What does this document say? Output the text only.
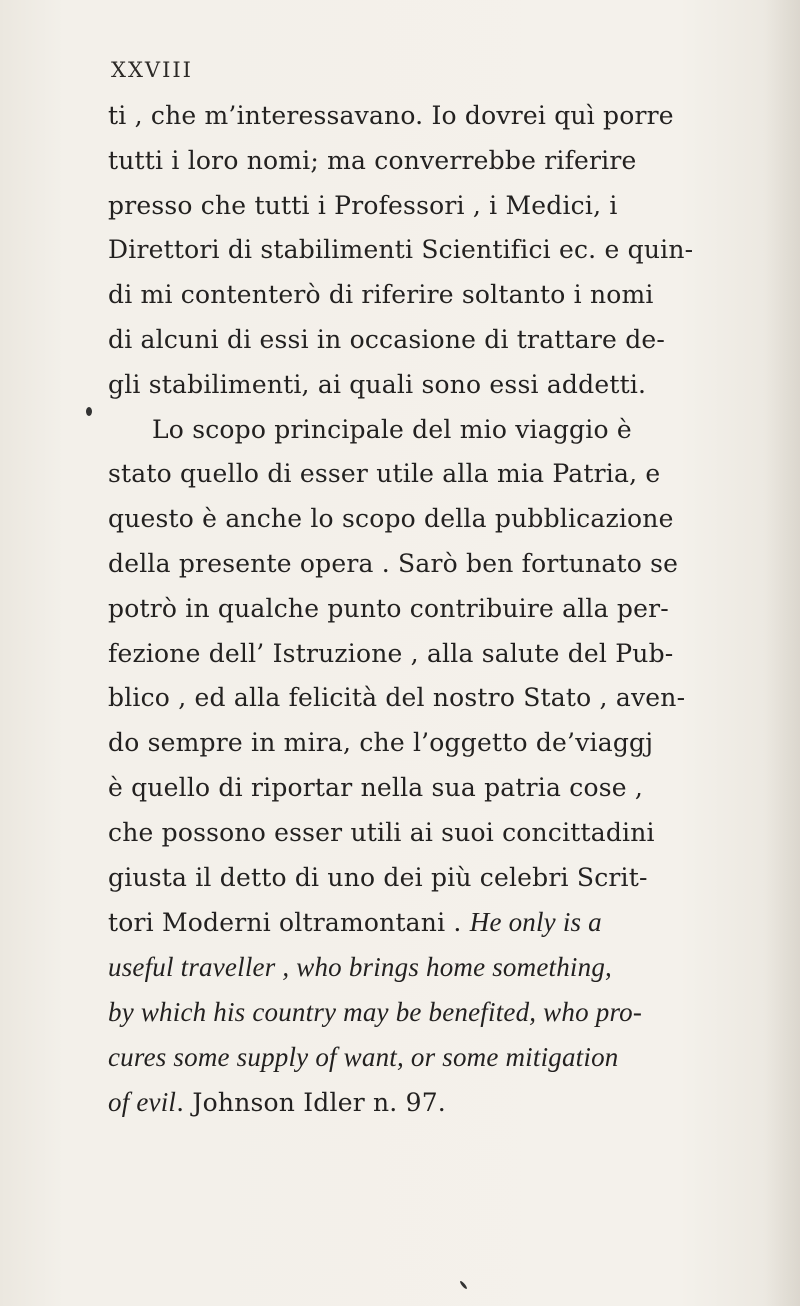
XXVIII
ti , che m’interessavano. Io dovrei quì porre
tutti i loro nomi; ma converrebbe riferire
presso che tutti i Professori , i Medici, i
Direttori di stabilimenti Scientifici ec. e quin-
di mi contenterò di riferire soltanto i nomi
di alcuni di essi in occasione di trattare de-
gli stabilimenti, ai quali sono essi addetti.
Lo scopo principale del mio viaggio è
stato quello di esser utile alla mia Patria, e
questo è anche lo scopo della pubblicazione
della presente opera . Sarò ben fortunato se
potrò in qualche punto contribuire alla per-
fezione dell’ Istruzione , alla salute del Pub-
blico , ed alla felicità del nostro Stato , aven-
do sempre in mira, che l’oggetto de’viaggj
è quello di riportar nella sua patria cose ,
che possono esser utili ai suoi concittadini
giusta il detto di uno dei più celebri Scrit-
tori Moderni oltramontani . He only is a
useful traveller , who brings home something,
by which his country may be benefited, who pro-
cures some supply of want, or some mitigation
of evil. Johnson Idler n. 97.
